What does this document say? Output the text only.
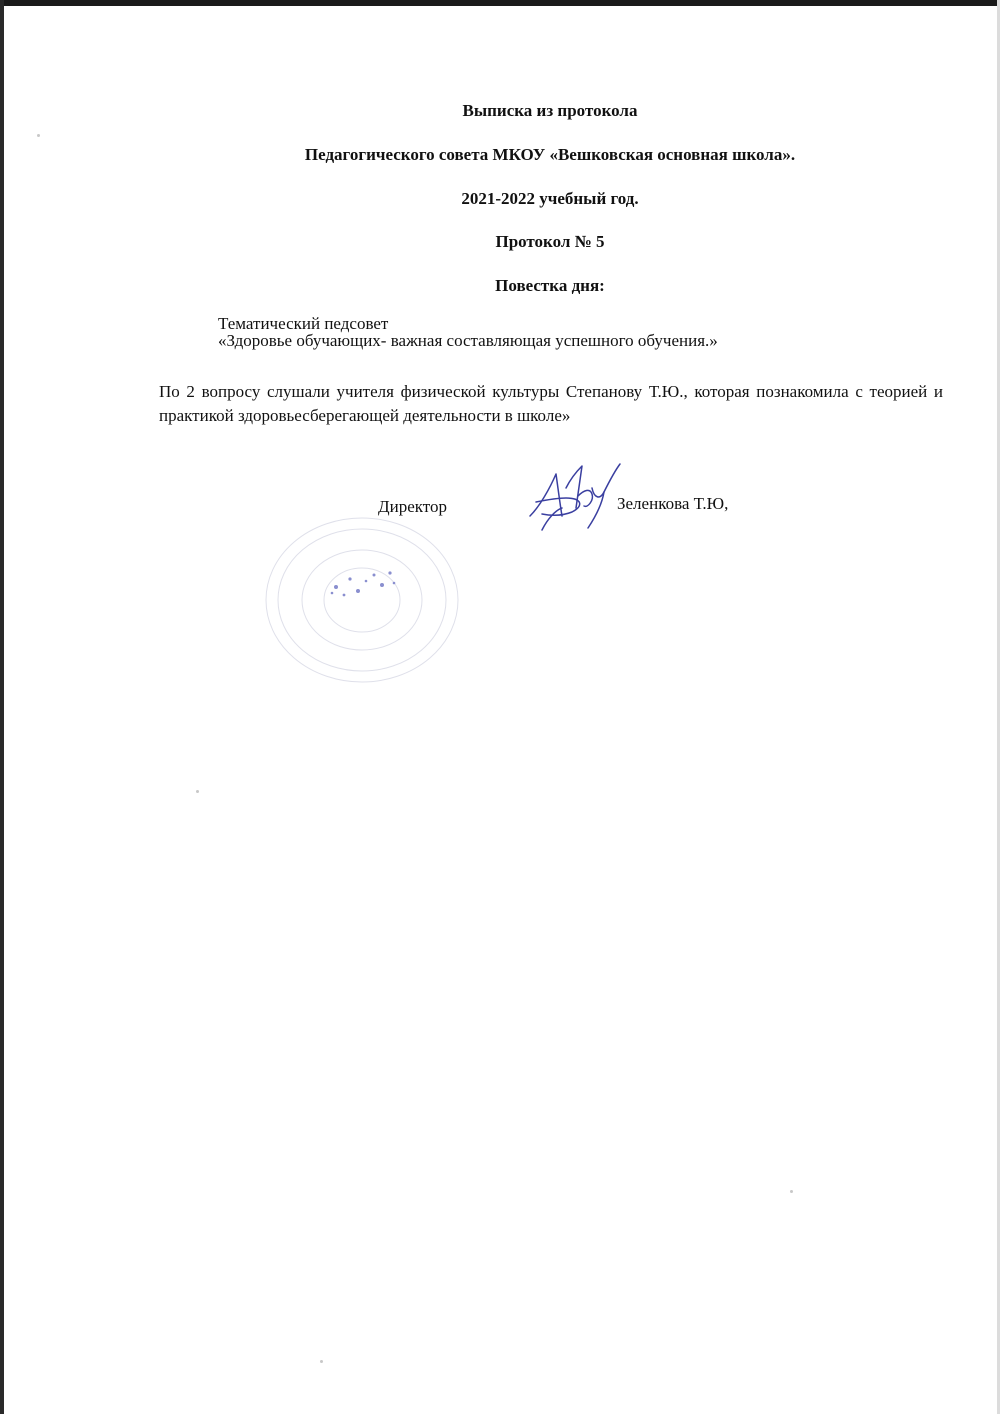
Выписка из протокола

Педагогического совета МКОУ «Вешковская основная школа».

2021-2022 учебный год.

Протокол № 5

Повестка дня:

Тематический педсовет

«Здоровье обучающих- важная составляющая успешного обучения.»

По 2 вопросу слушали учителя физической культуры Степанову Т.Ю., которая познакомила с теорией и практикой здоровьесберегающей деятельности в школе»

Директор	Зеленкова Т.Ю,
